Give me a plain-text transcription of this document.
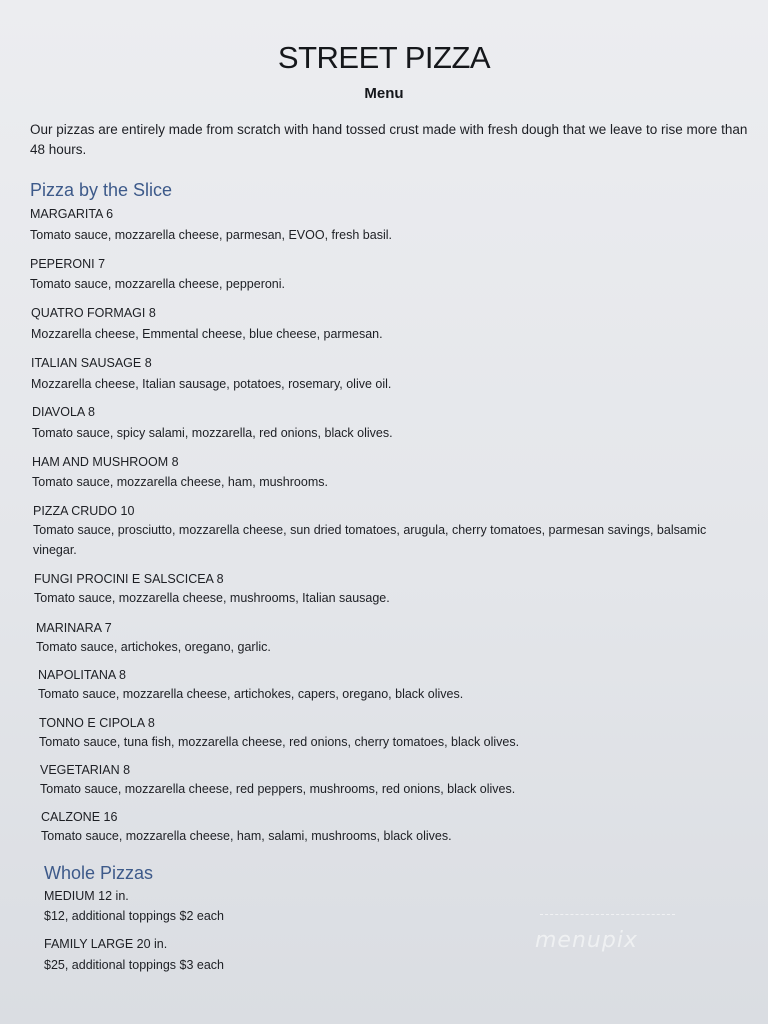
STREET PIZZA
Menu
Our pizzas are entirely made from scratch with hand tossed crust made with fresh dough that we leave to rise more than 48 hours.
Pizza by the Slice
MARGARITA 6
Tomato sauce, mozzarella cheese, parmesan, EVOO, fresh basil.
PEPERONI 7
Tomato sauce, mozzarella cheese, pepperoni.
QUATRO FORMAGI 8
Mozzarella cheese, Emmental cheese, blue cheese, parmesan.
ITALIAN SAUSAGE 8
Mozzarella cheese, Italian sausage, potatoes, rosemary, olive oil.
DIAVOLA 8
Tomato sauce, spicy salami, mozzarella, red onions, black olives.
HAM AND MUSHROOM 8
Tomato sauce, mozzarella cheese, ham, mushrooms.
PIZZA CRUDO 10
Tomato sauce, prosciutto, mozzarella cheese, sun dried tomatoes, arugula, cherry tomatoes, parmesan savings, balsamic vinegar.
FUNGI PROCINI E SALSCICEA 8
Tomato sauce, mozzarella cheese, mushrooms, Italian sausage.
MARINARA 7
Tomato sauce, artichokes, oregano, garlic.
NAPOLITANA 8
Tomato sauce, mozzarella cheese, artichokes, capers, oregano, black olives.
TONNO E CIPOLA 8
Tomato sauce, tuna fish, mozzarella cheese, red onions, cherry tomatoes, black olives.
VEGETARIAN 8
Tomato sauce, mozzarella cheese, red peppers, mushrooms, red onions, black olives.
CALZONE 16
Tomato sauce, mozzarella cheese, ham, salami, mushrooms, black olives.
Whole Pizzas
MEDIUM 12 in.
$12, additional toppings $2 each
FAMILY LARGE 20 in.
$25, additional toppings $3 each
menupix
